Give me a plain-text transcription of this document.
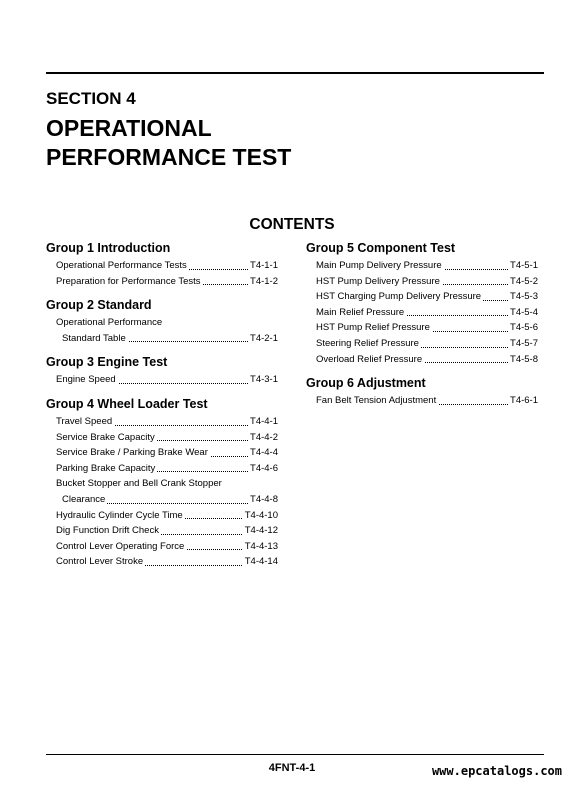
SECTION 4
OPERATIONAL
PERFORMANCE TEST
CONTENTS
Group 1 Introduction
Operational Performance Tests	T4-1-1
Preparation for Performance Tests	T4-1-2
Group 2 Standard
Operational Performance
Standard Table	T4-2-1
Group 3 Engine Test
Engine Speed	T4-3-1
Group 4 Wheel Loader Test
Travel Speed	T4-4-1
Service Brake Capacity	T4-4-2
Service Brake / Parking Brake Wear	T4-4-4
Parking Brake Capacity	T4-4-6
Bucket Stopper and Bell Crank Stopper
Clearance	T4-4-8
Hydraulic Cylinder Cycle Time	T4-4-10
Dig Function Drift Check	T4-4-12
Control Lever Operating Force	T4-4-13
Control Lever Stroke	T4-4-14
Group 5 Component Test
Main Pump Delivery Pressure	T4-5-1
HST Pump Delivery Pressure	T4-5-2
HST Charging Pump Delivery Pressure	T4-5-3
Main Relief Pressure	T4-5-4
HST Pump Relief Pressure	T4-5-6
Steering Relief Pressure	T4-5-7
Overload Relief Pressure	T4-5-8
Group 6 Adjustment
Fan Belt Tension Adjustment	T4-6-1
4FNT-4-1	www.epcatalogs.com
